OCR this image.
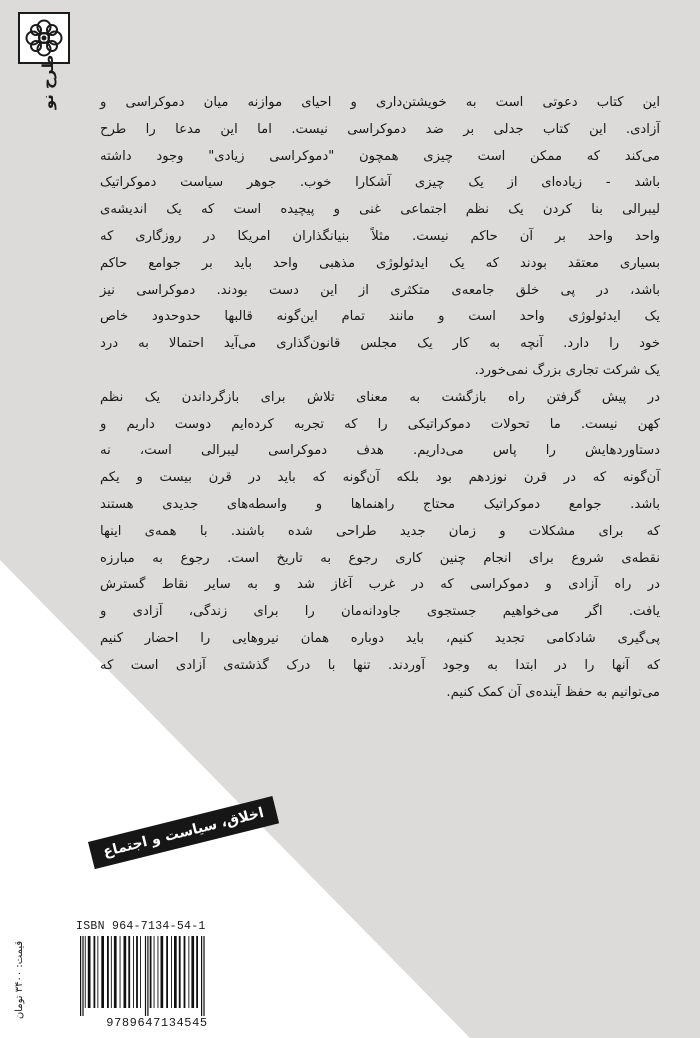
طرح نو	این کتاب دعوتی است به خویشتن‌داری و احیای موازنه میان دموکراسی و
آزادی. این کتاب جدلی بر ضد دموکراسی نیست. اما این مدعا را طرح
می‌کند که ممکن است چیزی همچون "دموکراسی زیادی" وجود داشته
باشد - زیاده‌ای از یک چیزی آشکارا خوب. جوهر سیاست دموکراتیک
لیبرالی بنا کردن یک نظم اجتماعی غنی و پیچیده است که یک اندیشه‌ی
واحد واحد بر آن حاکم نیست. مثلاً بنیانگذاران امریکا در روزگاری که
بسیاری معتقد بودند که یک ایدئولوژی مذهبی واحد باید بر جوامع حاکم
باشد، در پی خلق جامعه‌ی متکثری از این دست بودند. دموکراسی نیز
یک ایدئولوژی واحد است و مانند تمام این‌گونه قالبها حدوحدود خاص
خود را دارد. آنچه به کار یک مجلس قانون‌گذاری می‌آید احتمالا به درد
یک شرکت تجاری بزرگ نمی‌خورد.

در پیش گرفتن راه بازگشت به معنای تلاش برای بازگرداندن یک نظم
کهن نیست. ما تحولات دموکراتیکی را که تجربه کرده‌ایم دوست داریم و
دستاوردهایش را پاس می‌داریم. هدف دموکراسی لیبرالی است، نه
آن‌گونه که در قرن نوزدهم بود بلکه آن‌گونه که باید در قرن بیست و یکم
باشد. جوامع دموکراتیک محتاج راهنماها و واسطه‌های جدیدی هستند
که برای مشکلات و زمان جدید طراحی شده باشند. با همه‌ی اینها
نقطه‌ی شروع برای انجام چنین کاری رجوع به تاریخ است. رجوع به مبارزه
در راه آزادی و دموکراسی که در غرب آغاز شد و به سایر نقاط گسترش
یافت. اگر می‌خواهیم جستجوی جاودانه‌مان را برای زندگی، آزادی و
پی‌گیری شادکامی تجدید کنیم، باید دوباره همان نیروهایی را احضار کنیم
که آنها را در ابتدا به وجود آوردند. تنها با درک گذشته‌ی آزادی است که
می‌توانیم به حفظ آینده‌ی آن کمک کنیم.

اخلاق، سیاست و اجتماع
ISBN 964-7134-54-1
9789647134545
قیمت: ۳۴۰۰ تومان
